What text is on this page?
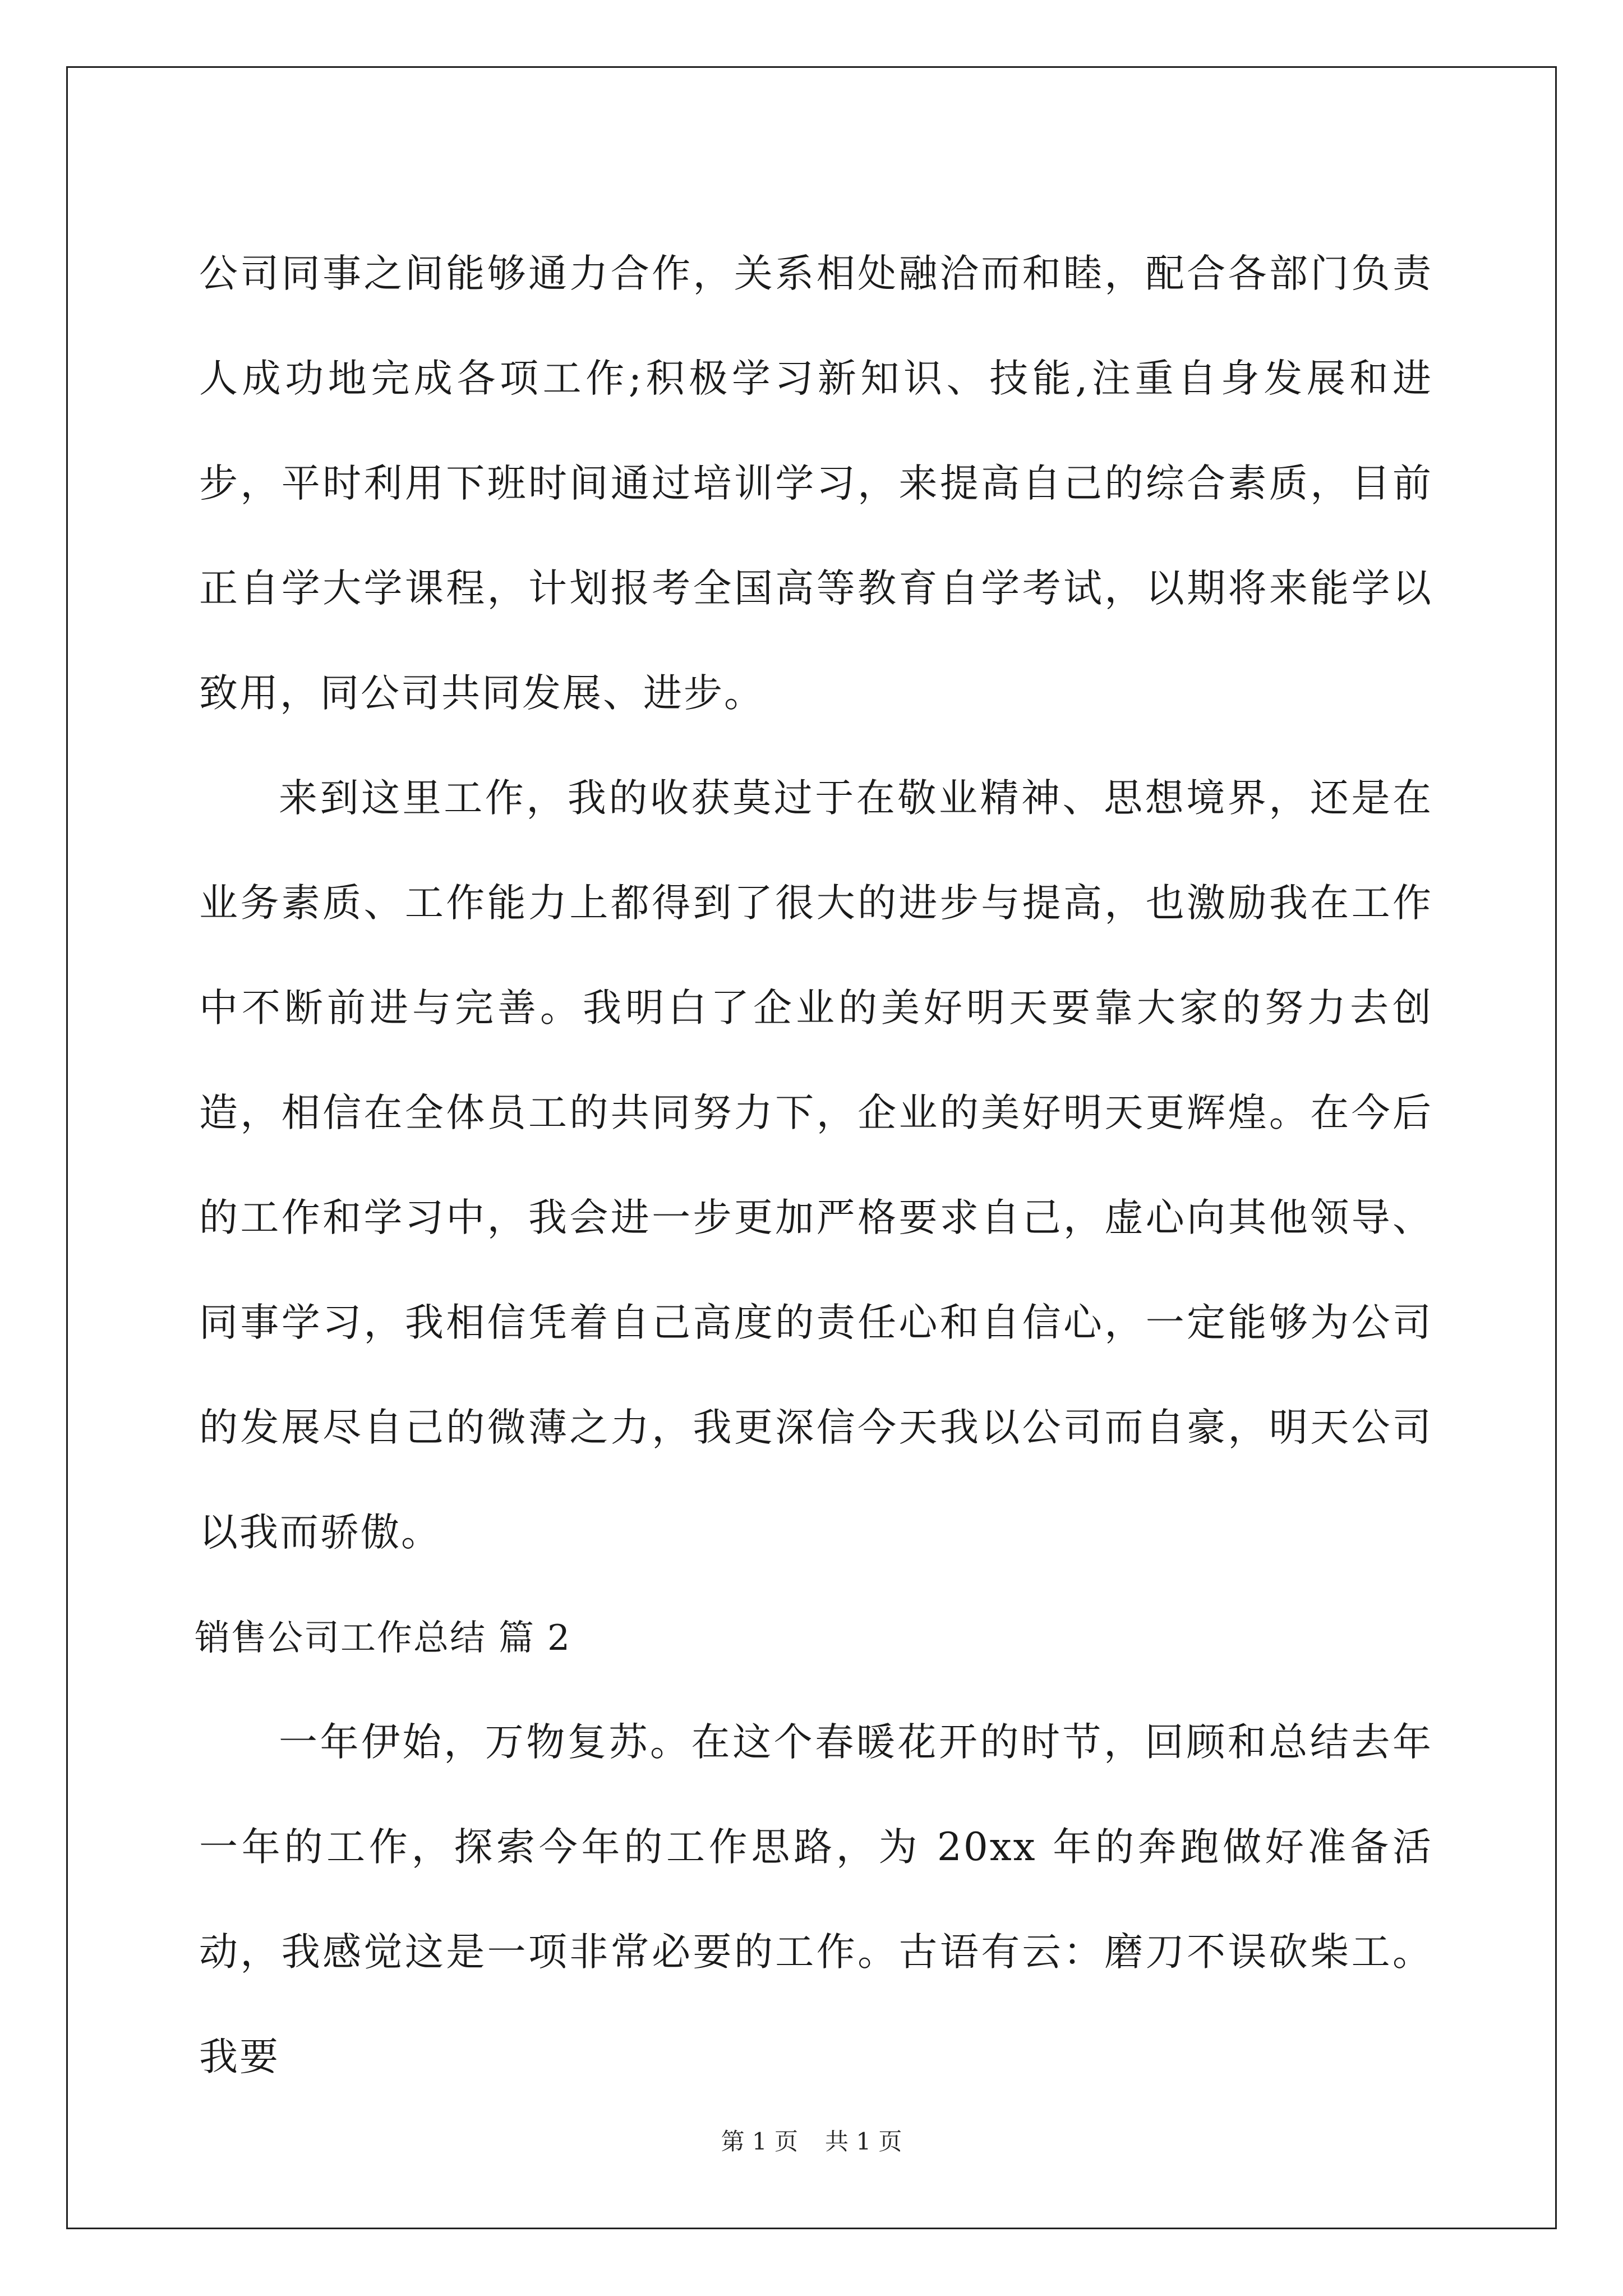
公司同事之间能够通力合作，关系相处融洽而和睦，配合各部门负责人成功地完成各项工作;积极学习新知识、技能,注重自身发展和进步，平时利用下班时间通过培训学习，来提高自己的综合素质，目前正自学大学课程，计划报考全国高等教育自学考试，以期将来能学以致用，同公司共同发展、进步。

来到这里工作，我的收获莫过于在敬业精神、思想境界，还是在业务素质、工作能力上都得到了很大的进步与提高，也激励我在工作中不断前进与完善。我明白了企业的美好明天要靠大家的努力去创造，相信在全体员工的共同努力下，企业的美好明天更辉煌。在今后的工作和学习中，我会进一步更加严格要求自己，虚心向其他领导、同事学习，我相信凭着自己高度的责任心和自信心，一定能够为公司的发展尽自己的微薄之力，我更深信今天我以公司而自豪，明天公司以我而骄傲。

销售公司工作总结 篇 2

一年伊始，万物复苏。在这个春暖花开的时节，回顾和总结去年一年的工作，探索今年的工作思路，为 20xx 年的奔跑做好准备活动，我感觉这是一项非常必要的工作。古语有云：磨刀不误砍柴工。我要

第 1 页 共 1 页
